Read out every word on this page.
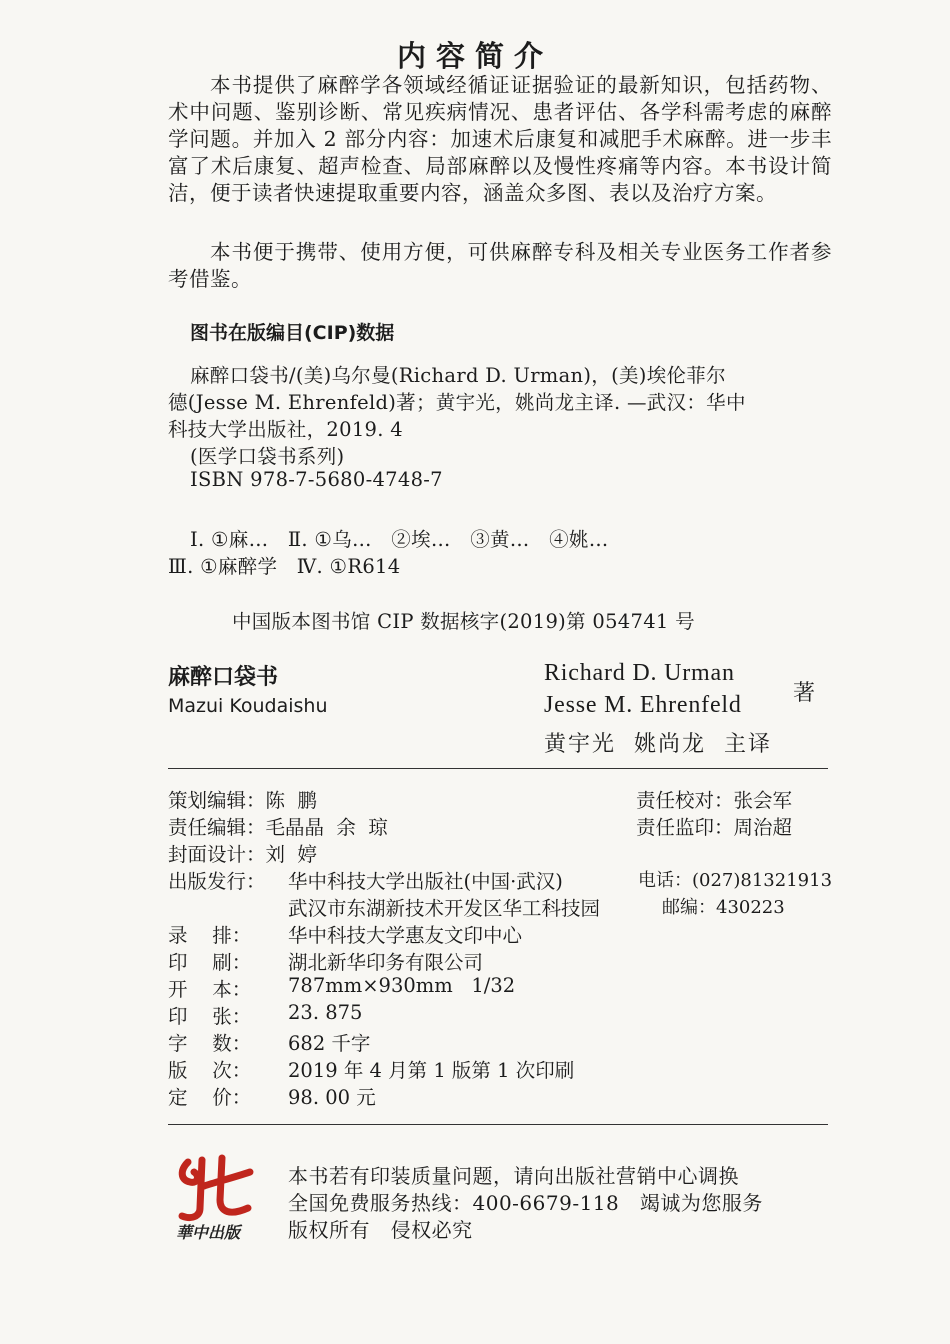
内容简介
本书提供了麻醉学各领域经循证证据验证的最新知识，包括药物、术中问题、鉴别诊断、常见疾病情况、患者评估、各学科需考虑的麻醉学问题。并加入 2 部分内容：加速术后康复和减肥手术麻醉。进一步丰富了术后康复、超声检查、局部麻醉以及慢性疼痛等内容。本书设计简洁，便于读者快速提取重要内容，涵盖众多图、表以及治疗方案。
本书便于携带、使用方便，可供麻醉专科及相关专业医务工作者参考借鉴。
图书在版编目(CIP)数据
麻醉口袋书/(美)乌尔曼(Richard D. Urman)，(美)埃伦菲尔
德(Jesse M. Ehrenfeld)著；黄宇光，姚尚龙主译. —武汉：华中
科技大学出版社，2019. 4
(医学口袋书系列)
ISBN 978-7-5680-4748-7
Ⅰ. ①麻…   Ⅱ. ①乌…   ②埃…   ③黄…   ④姚…
Ⅲ. ①麻醉学   Ⅳ. ①R614
中国版本图书馆 CIP 数据核字(2019)第 054741 号
麻醉口袋书
Mazui Koudaishu
Richard D. Urman
Jesse M. Ehrenfeld 著
黄宇光  姚尚龙  主译
策划编辑：陈  鹏	责任校对：张会军
责任编辑：毛晶晶  余  琼	责任监印：周治超
封面设计：刘  婷
出版发行： 华中科技大学出版社(中国·武汉)	电话：(027)81321913
武汉市东湖新技术开发区华工科技园	邮编：430223
录    排： 华中科技大学惠友文印中心
印    刷： 湖北新华印务有限公司
开    本： 787mm×930mm   1/32
印    张： 23. 875
字    数： 682 千字
版    次： 2019 年 4 月第 1 版第 1 次印刷
定    价： 98. 00 元
華中出版
本书若有印装质量问题，请向出版社营销中心调换
全国免费服务热线：400-6679-118   竭诚为您服务
版权所有   侵权必究
